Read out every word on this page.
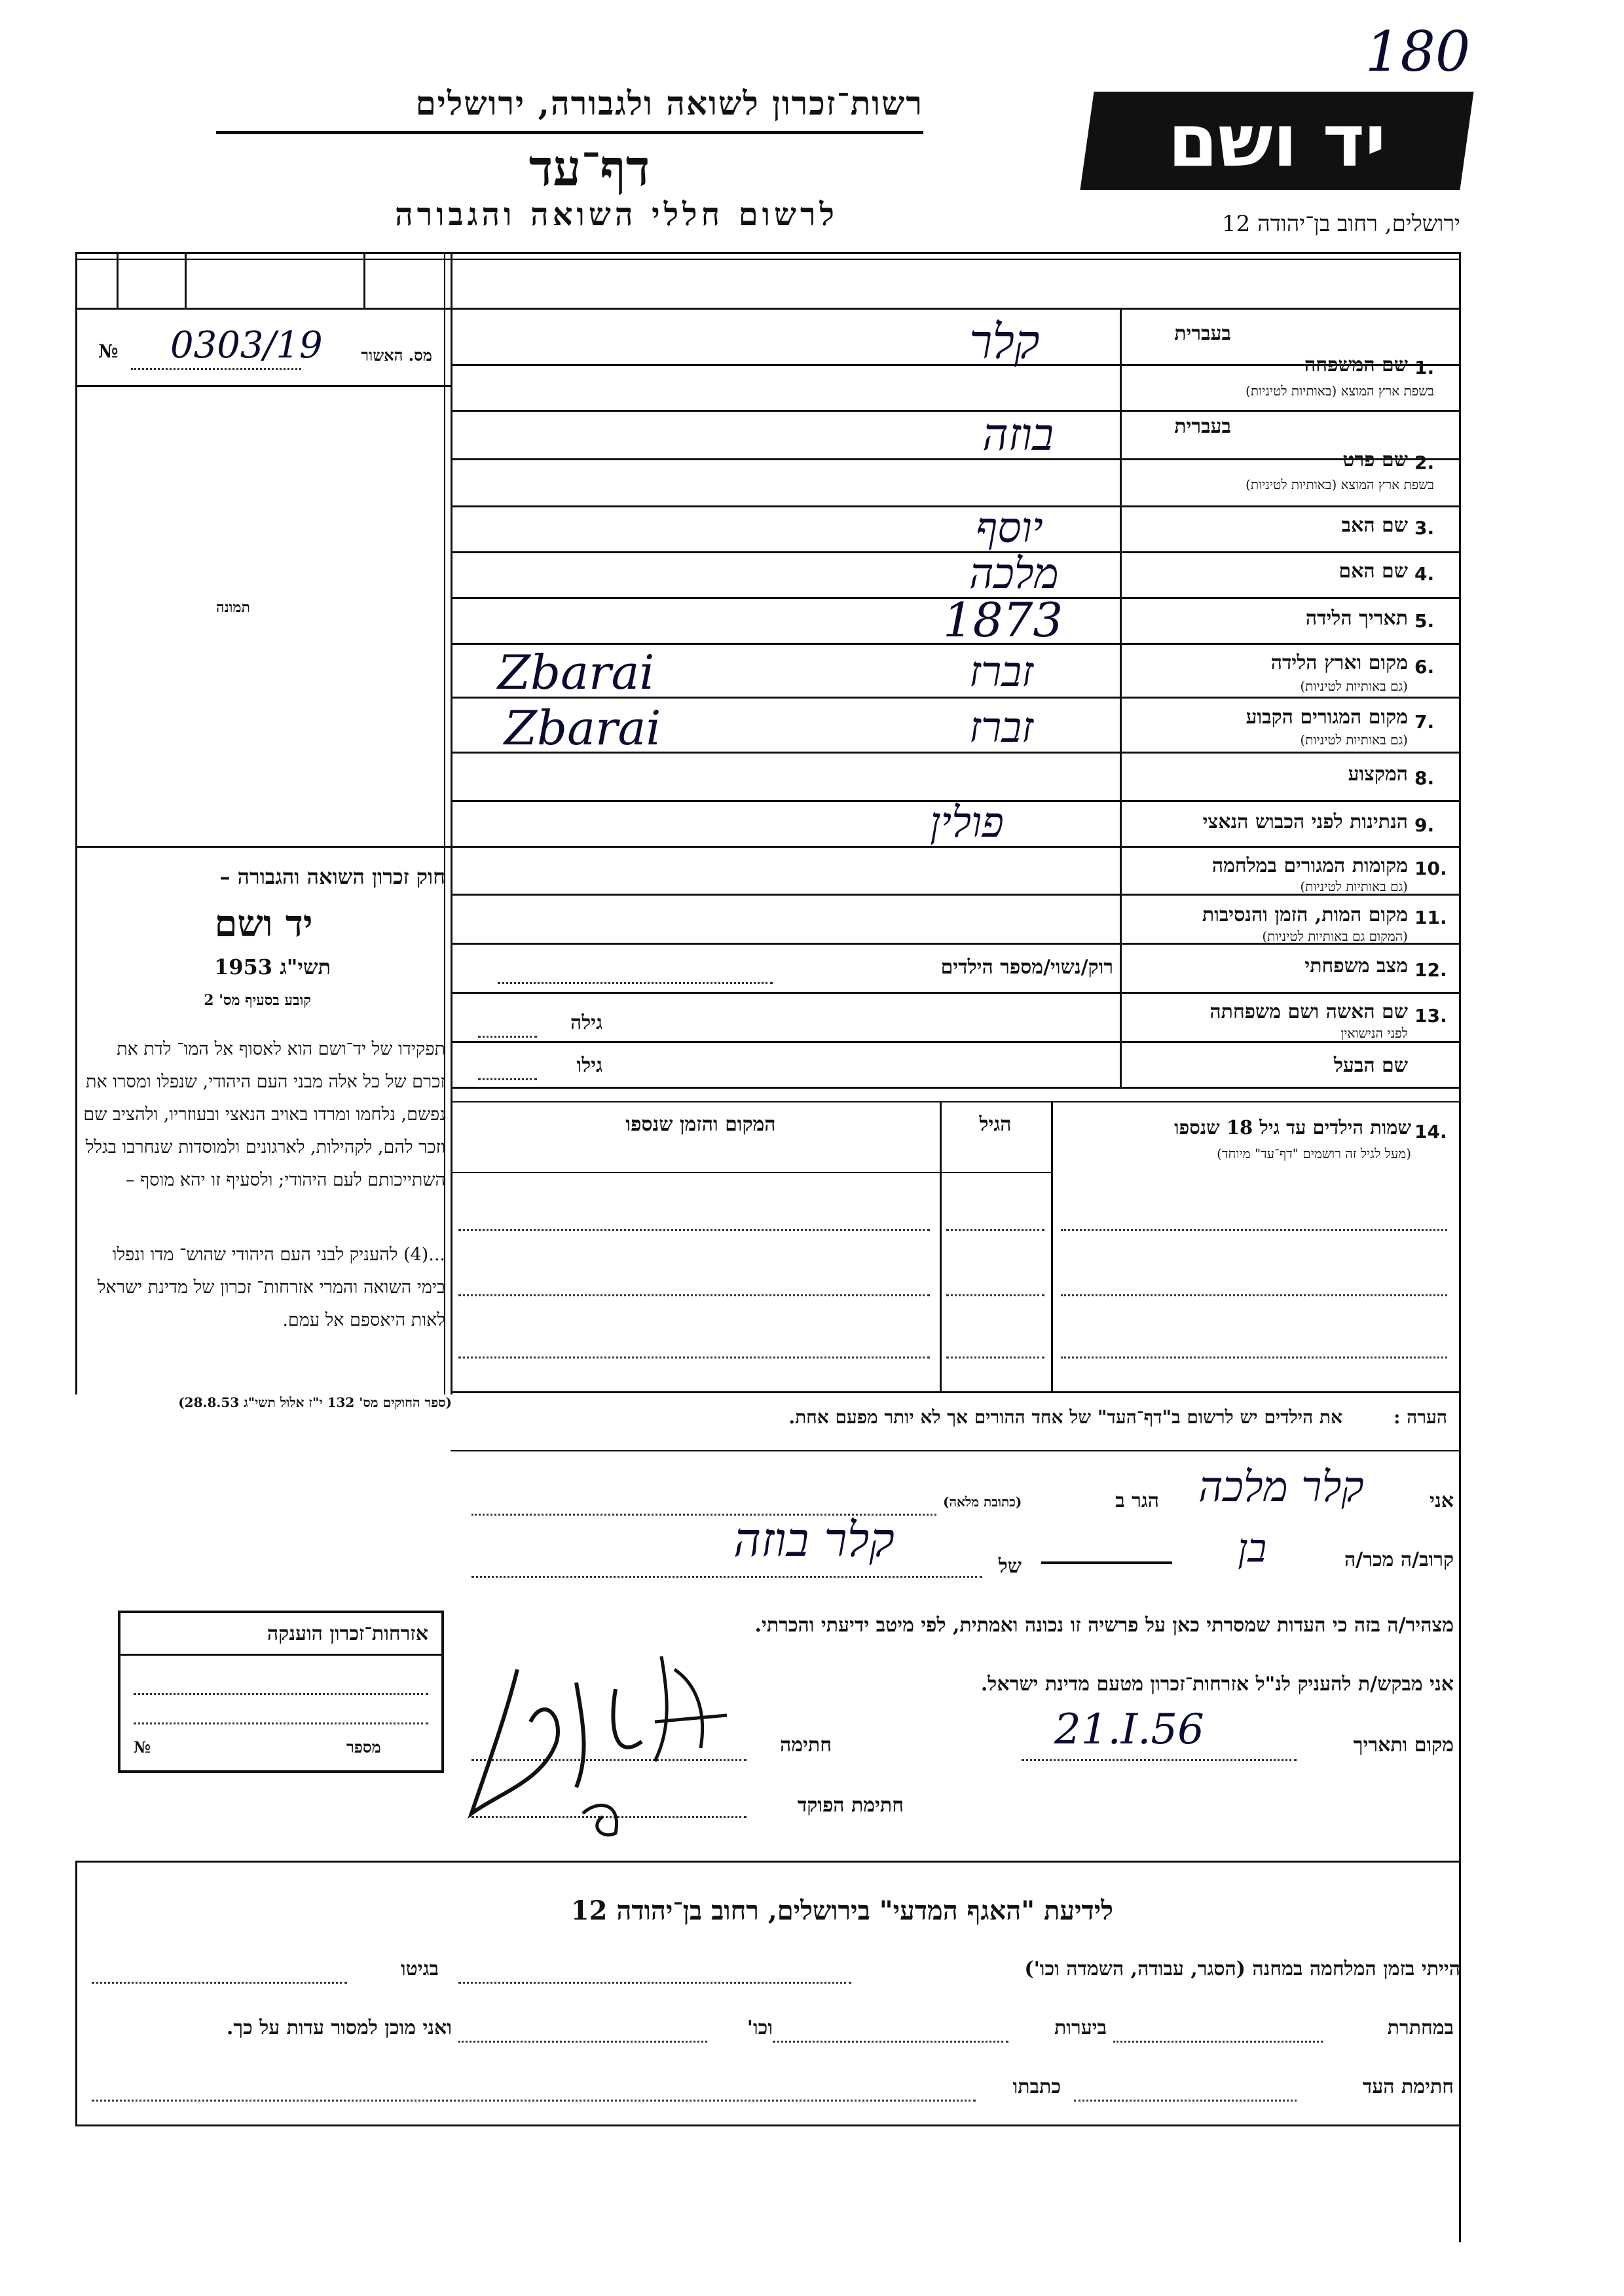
180
רשות־זכרון לשואה ולגבורה, ירושלים
דף־עד
לרשום חללי השואה והגבורה
יד ושם
ירושלים, רחוב בן־יהודה 12
№ 0303/19	מס. האשור
תמונה
חוק זכרון השואה והגבורה –
יד ושם
תשי"ג 1953
קובע בסעיף מס' 2
תפקידו של יד־ושם הוא לאסוף אל המו־ לדת את זכרם של כל אלה מבני העם היהודי, שנפלו ומסרו את נפשם, נלחמו ומרדו באויב הנאצי ובעוזריו, ולהציב שם וזכר להם, לקהילות, לארגונים ולמוסדות שנחרבו בגלל השתייכותם לעם היהודי; ולסעיף זו יהא מוסף –
...(4) להעניק לבני העם היהודי שהוש־ מדו ונפלו בימי השואה והמרי אזרחות־ זכרון של מדינת ישראל לאות היאספם אל עמם.
(ספר החוקים מס' 132 י"ז אלול תשי"ג 28.8.53)
בעברית
1.
שם המשפחה
בשפת ארץ המוצא (באותיות לטיניות)
קלר
בעברית
2.
שם פרט
בשפת ארץ המוצא (באותיות לטיניות)
בוזה
3.
שם האב
יוסף
4.
שם האם
מלכה
5.
תאריך הלידה
1873
6.
מקום וארץ הלידה
(גם באותיות לטיניות)
זברז
Zbarai
7.
מקום המגורים הקבוע
(גם באותיות לטיניות)
זברז
Zbarai
8.
המקצוע
9.
הנתינות לפני הכבוש הנאצי
פולין
10.
מקומות המגורים במלחמה
(גם באותיות לטיניות)
11.
מקום המות, הזמן והנסיבות
(המקום גם באותיות לטיניות)
12.
מצב משפחתי
רוק/נשוי/מספר הילדים
13.
שם האשה ושם משפחתה
לפני הנישואין
גילה
שם הבעל
גילו
14.
שמות הילדים עד גיל 18 שנספו
(מעל לגיל זה רושמים "דף־עד" מיוחד)
הגיל
המקום והזמן שנספו
הערה :
את הילדים יש לרשום ב"דף־העד" של אחד ההורים אך לא יותר מפעם אחת.
אני
קלר מלכה
הגר ב
(כתובת מלאה)
קרוב/ה מכר/ה
בן
של
קלר בוזה
מצהיר/ה בזה כי העדות שמסרתי כאן על פרשיה זו נכונה ואמתית, לפי מיטב ידיעתי והכרתי.
אני מבקש/ת להעניק לנ"ל אזרחות־זכרון מטעם מדינת ישראל.
מקום ותאריך
21.I.56
חתימה
חתימת הפוקד
אזרחות־זכרון הוענקה
№	מספר
לידיעת "האגף המדעי" בירושלים, רחוב בן־יהודה 12
הייתי בזמן המלחמה במחנה (הסגר, עבודה, השמדה וכו')
בגיטו
במחתרת
ביערות
וכו'
ואני מוכן למסור עדות על כך.
חתימת העד
כתבתו
